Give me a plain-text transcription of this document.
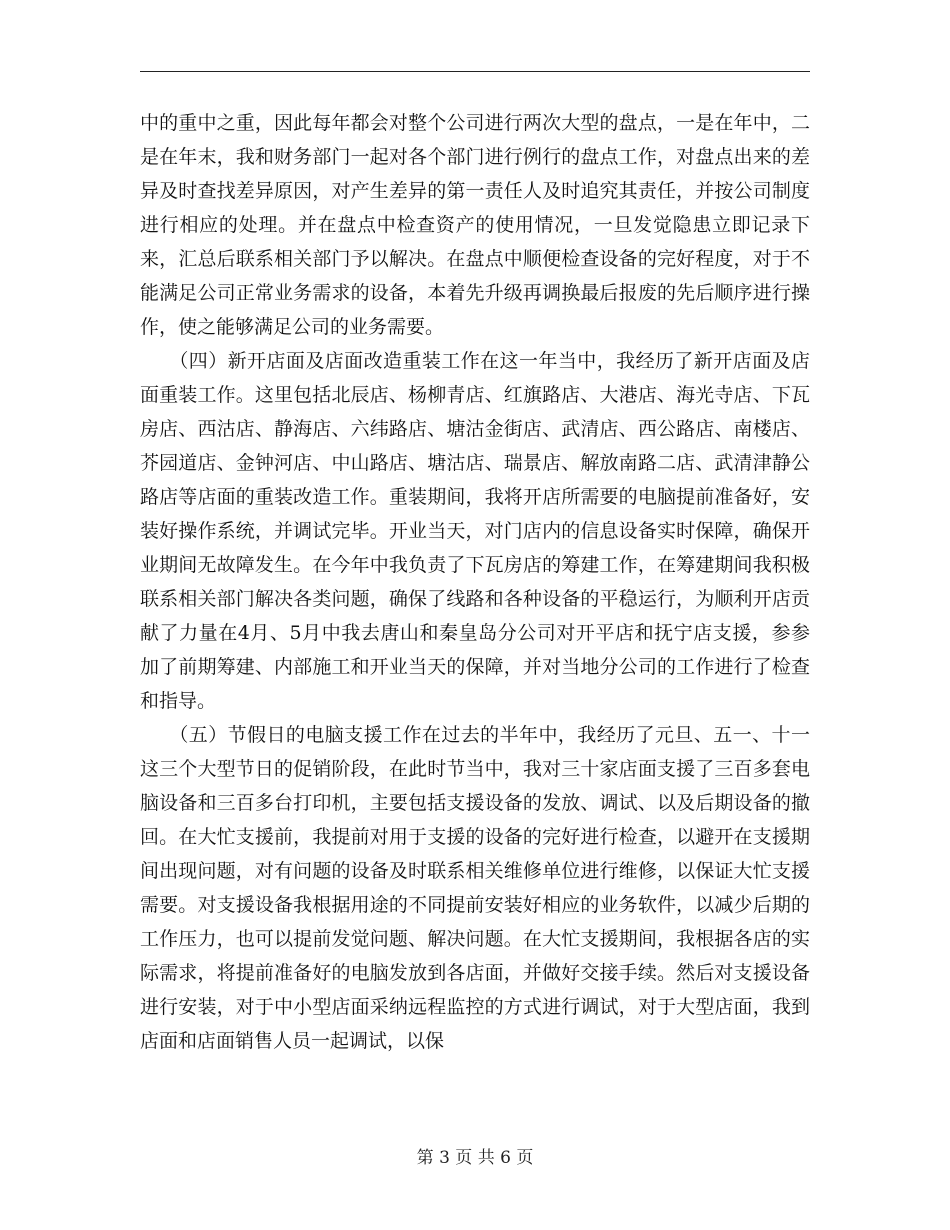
中的重中之重，因此每年都会对整个公司进行两次大型的盘点，一是在年中，二是在年末，我和财务部门一起对各个部门进行例行的盘点工作，对盘点出来的差异及时查找差异原因，对产生差异的第一责任人及时追究其责任，并按公司制度进行相应的处理。并在盘点中检查资产的使用情况，一旦发觉隐患立即记录下来，汇总后联系相关部门予以解决。在盘点中顺便检查设备的完好程度，对于不能满足公司正常业务需求的设备，本着先升级再调换最后报废的先后顺序进行操作，使之能够满足公司的业务需要。

　　（四）新开店面及店面改造重装工作在这一年当中，我经历了新开店面及店面重装工作。这里包括北辰店、杨柳青店、红旗路店、大港店、海光寺店、下瓦房店、西沽店、静海店、六纬路店、塘沽金街店、武清店、西公路店、南楼店、芥园道店、金钟河店、中山路店、塘沽店、瑞景店、解放南路二店、武清津静公路店等店面的重装改造工作。重装期间，我将开店所需要的电脑提前准备好，安装好操作系统，并调试完毕。开业当天，对门店内的信息设备实时保障，确保开业期间无故障发生。在今年中我负责了下瓦房店的筹建工作，在筹建期间我积极联系相关部门解决各类问题，确保了线路和各种设备的平稳运行，为顺利开店贡献了力量在4月、5月中我去唐山和秦皇岛分公司对开平店和抚宁店支援，参参加了前期筹建、内部施工和开业当天的保障，并对当地分公司的工作进行了检查和指导。

　　（五）节假日的电脑支援工作在过去的半年中，我经历了元旦、五一、十一这三个大型节日的促销阶段，在此时节当中，我对三十家店面支援了三百多套电脑设备和三百多台打印机，主要包括支援设备的发放、调试、以及后期设备的撤回。在大忙支援前，我提前对用于支援的设备的完好进行检查，以避开在支援期间出现问题，对有问题的设备及时联系相关维修单位进行维修，以保证大忙支援需要。对支援设备我根据用途的不同提前安装好相应的业务软件，以减少后期的工作压力，也可以提前发觉问题、解决问题。在大忙支援期间，我根据各店的实际需求，将提前准备好的电脑发放到各店面，并做好交接手续。然后对支援设备进行安装，对于中小型店面采纳远程监控的方式进行调试，对于大型店面，我到店面和店面销售人员一起调试，以保

第 3 页 共 6 页
